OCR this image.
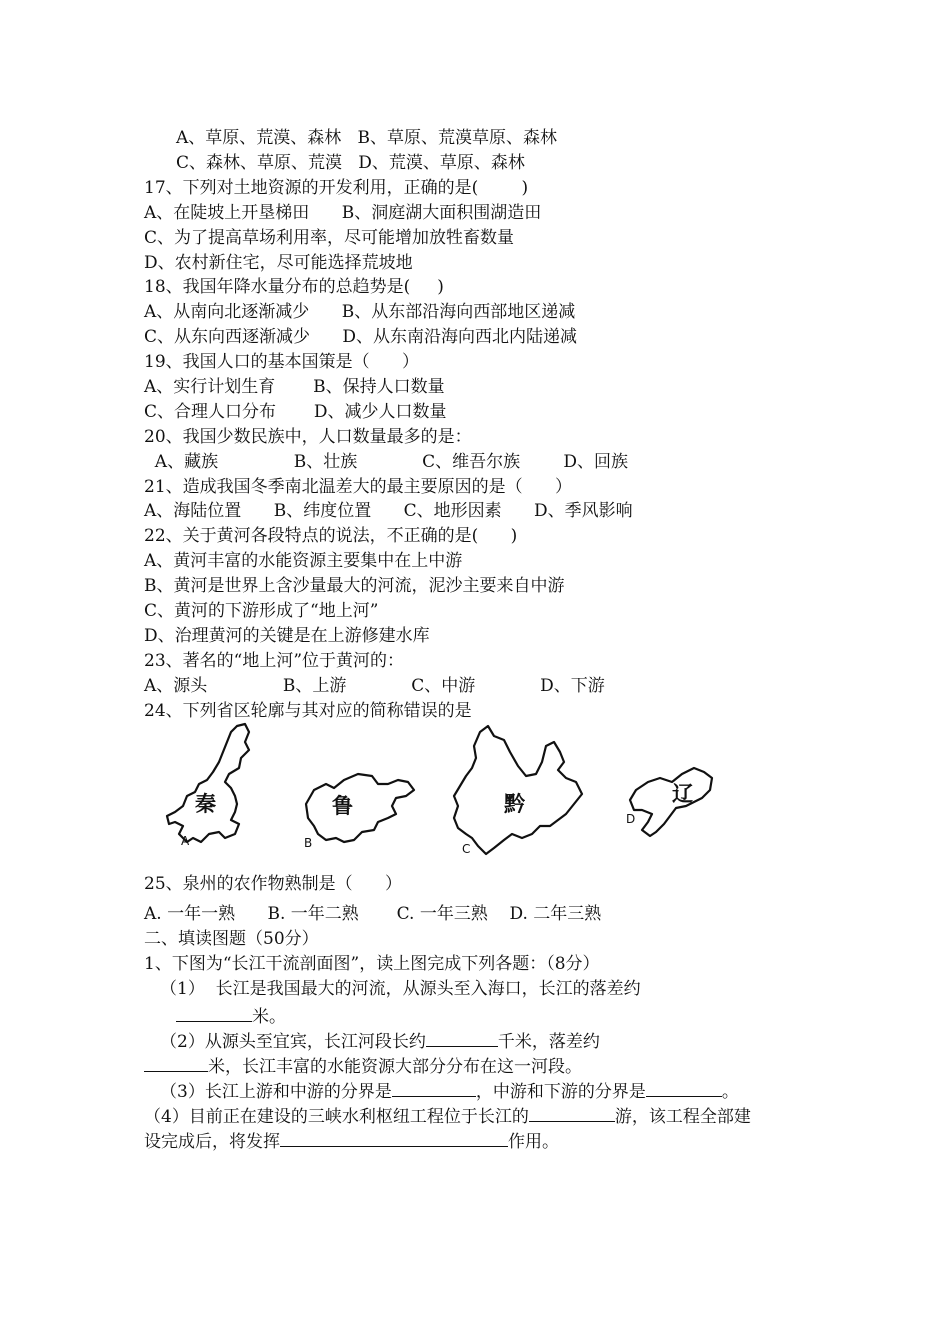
A、草原、荒漠、森林   B、草原、荒漠草原、森林
C、森林、草原、荒漠   D、荒漠、草原、森林
17、下列对土地资源的开发利用，正确的是(        )
A、在陡坡上开垦梯田      B、洞庭湖大面积围湖造田
C、为了提高草场利用率，尽可能增加放牲畜数量
D、农村新住宅，尽可能选择荒坡地
18、我国年降水量分布的总趋势是(     )
A、从南向北逐渐减少      B、从东部沿海向西部地区递减
C、从东向西逐渐减少      D、从东南沿海向西北内陆递减
19、我国人口的基本国策是（      ）
A、实行计划生育       B、保持人口数量
C、合理人口分布       D、减少人口数量
20、我国少数民族中，人口数量最多的是：
A、藏族              B、壮族            C、维吾尔族        D、回族
21、造成我国冬季南北温差大的最主要原因的是（      ）
A、海陆位置      B、纬度位置      C、地形因素      D、季风影响
22、关于黄河各段特点的说法，不正确的是(      )
A、黄河丰富的水能资源主要集中在上中游
B、黄河是世界上含沙量最大的河流，泥沙主要来自中游
C、黄河的下游形成了“地上河”
D、治理黄河的关键是在上游修建水库
23、著名的“地上河”位于黄河的：
A、源头              B、上游            C、中游            D、下游
24、下列省区轮廓与其对应的简称错误的是
秦
A
鲁
B
黔
C
辽
D
25、泉州的农作物熟制是（      ）
A. 一年一熟      B. 一年二熟       C. 一年三熟    D. 二年三熟
二、填读图题（50分）
1、下图为“长江干流剖面图”，读上图完成下列各题：（8分）
（1）  长江是我国最大的河流，从源头至入海口，长江的落差约
米。
（2）从源头至宜宾，长江河段长约	千米，落差约
米，长江丰富的水能资源大部分分布在这一河段。
（3）长江上游和中游的分界是	，中游和下游的分界是	。
（4）目前正在建设的三峡水利枢纽工程位于长江的	游，该工程全部建
设完成后，将发挥	作用。
